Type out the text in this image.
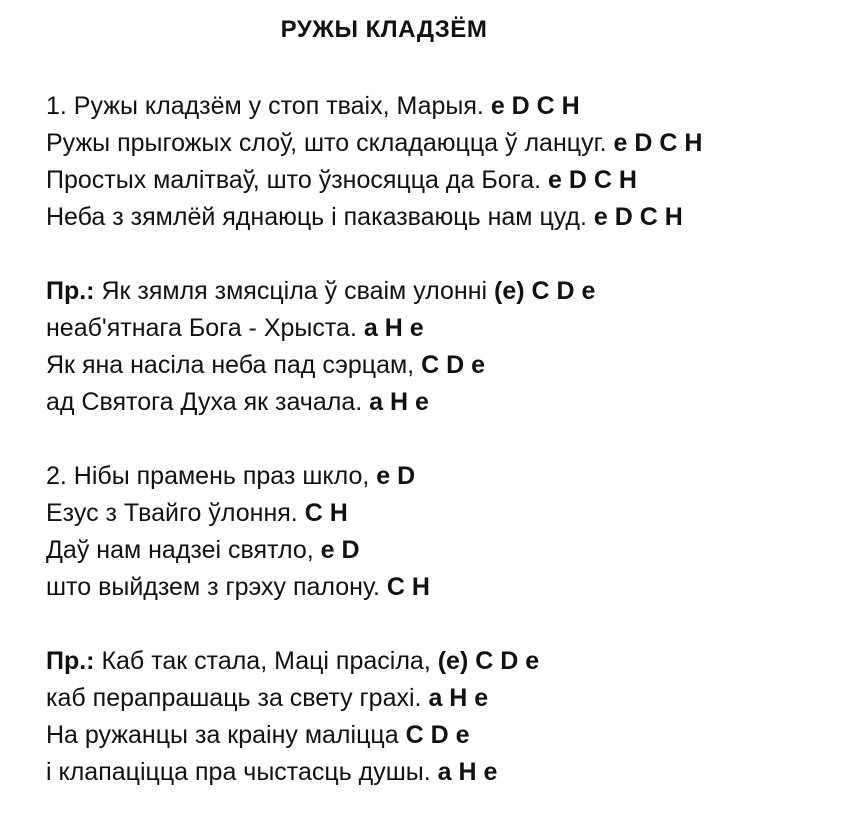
РУЖЫ КЛАДЗЁМ
1. Ружы кладзём у стоп тваіх, Марыя. e D C H
Ружы прыгожых слоў, што складаюцца ў ланцуг. e D C H
Простых малітваў, што ўзносяцца да Бога. e D C H
Неба з зямлёй яднаюць і паказваюць нам цуд. e D C H
Пр.: Як зямля змясціла ў сваім улонні (e) C D e
неаб'ятнага Бога - Хрыста. a H e
Як яна насіла неба пад сэрцам, C D e
ад Святога Духа як зачала. a H e
2. Нібы прамень праз шкло, e D
Езус з Твайго ўлоння. C H
Даў нам надзеі святло, e D
што выйдзем з грэху палону. C H
Пр.: Каб так стала, Маці прасіла, (e) C D e
каб перапрашаць за свету грахі. a H e
На ружанцы за краіну маліцца C D e
і клапаціцца пра чыстасць душы. a H e
